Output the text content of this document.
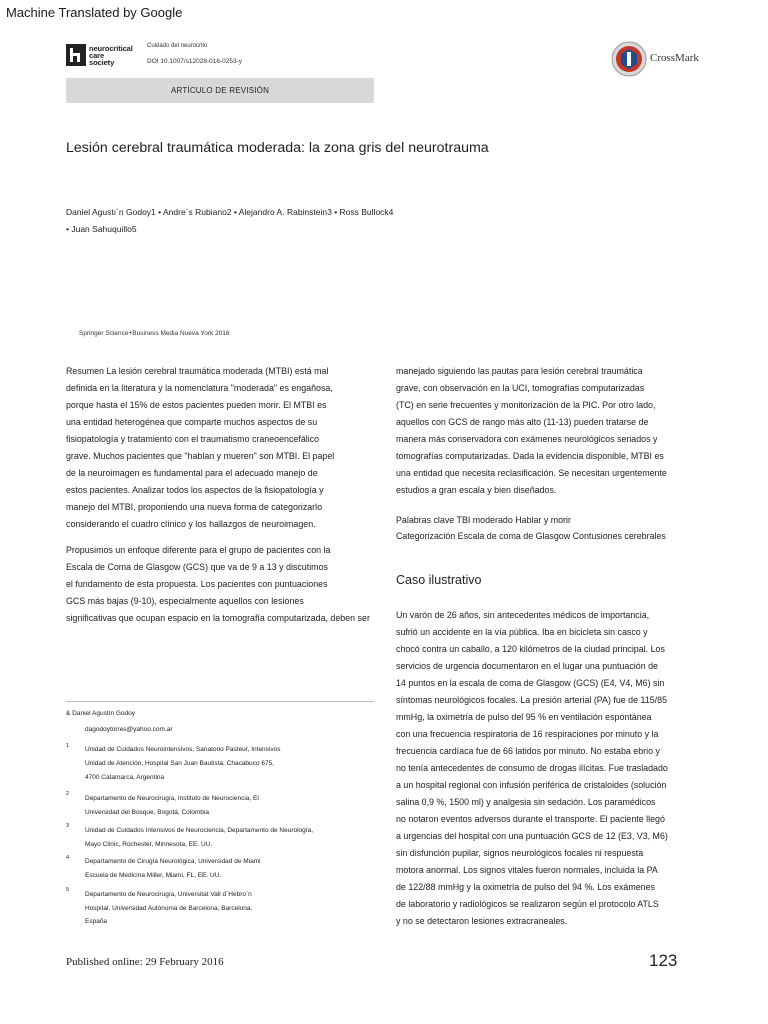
Machine Translated by Google
neurocritical
care
society
Cuidado del neurocrito
DOI 10.1007/s12028-016-0253-y	CrossMark
ARTÍCULO DE REVISIÓN
Lesión cerebral traumática moderada: la zona gris del neurotrauma
Daniel Agustı´n Godoy1 • Andre´s Rubiano2 • Alejandro A. Rabinstein3 • Ross Bullock4
• Juan Sahuquillo5
Springer Science+Business Media Nueva York 2016
Resumen La lesión cerebral traumática moderada (MTBI) está mal
definida en la literatura y la nomenclatura "moderada" es engañosa,
porque hasta el 15% de estos pacientes pueden morir. El MTBI es
una entidad heterogénea que comparte muchos aspectos de su
fisiopatología y tratamiento con el traumatismo craneoencefálico
grave. Muchos pacientes que "hablan y mueren" son MTBI. El papel
de la neuroimagen es fundamental para el adecuado manejo de
estos pacientes. Analizar todos los aspectos de la fisiopatología y
manejo del MTBI, proponiendo una nueva forma de categorizarlo
considerando el cuadro clínico y los hallazgos de neuroimagen.
Propusimos un enfoque diferente para el grupo de pacientes con la
Escala de Coma de Glasgow (GCS) que va de 9 a 13 y discutimos
el fundamento de esta propuesta. Los pacientes con puntuaciones
GCS más bajas (9-10), especialmente aquellos con lesiones
significativas que ocupan espacio en la tomografía computarizada, deben ser
manejado siguiendo las pautas para lesión cerebral traumática
grave, con observación en la UCI, tomografías computarizadas
(TC) en serie frecuentes y monitorización de la PIC. Por otro lado,
aquellos con GCS de rango más alto (11-13) pueden tratarse de
manera más conservadora con exámenes neurológicos seriados y
tomografías computarizadas. Dada la evidencia disponible, MTBI es
una entidad que necesita reclasificación. Se necesitan urgentemente
estudios a gran escala y bien diseñados.
Palabras clave TBI moderado Hablar y morir
Categorización Escala de coma de Glasgow Contusiones cerebrales
Caso ilustrativo
Un varón de 26 años, sin antecedentes médicos de importancia,
sufrió un accidente en la vía pública. Iba en bicicleta sin casco y
chocó contra un caballo, a 120 kilómetros de la ciudad principal. Los
servicios de urgencia documentaron en el lugar una puntuación de
14 puntos en la escala de coma de Glasgow (GCS) (E4, V4, M6) sin
síntomas neurológicos focales. La presión arterial (PA) fue de 115/85
mmHg, la oximetría de pulso del 95 % en ventilación espontánea
con una frecuencia respiratoria de 16 respiraciones por minuto y la
frecuencia cardíaca fue de 66 latidos por minuto. No estaba ebrio y
no tenía antecedentes de consumo de drogas ilícitas. Fue trasladado
a un hospital regional con infusión periférica de cristaloides (solución
salina 0,9 %, 1500 ml) y analgesia sin sedación. Los paramédicos
no notaron eventos adversos durante el transporte. El paciente llegó
a urgencias del hospital con una puntuación GCS de 12 (E3, V3, M6)
sin disfunción pupilar, signos neurológicos focales ni respuesta
motora anormal. Los signos vitales fueron normales, incluida la PA
de 122/88 mmHg y la oximetría de pulso del 94 %. Los exámenes
de laboratorio y radiológicos se realizaron según el protocolo ATLS
y no se detectaron lesiones extracraneales.
& Daniel Agustín Godoy
dagodoytorres@yahoo.com.ar
1 Unidad de Cuidados Neurointensivos, Sanatorio Pasteur, Intensivos
Unidad de Atención, Hospital San Juan Bautista, Chacabuco 675,
4700 Catamarca, Argentina
2
Departamento de Neurocirugía, Instituto de Neurociencia, El
Universidad del Bosque, Bogotá, Colombia
3
Unidad de Cuidados Intensivos de Neurociencia, Departamento de Neurología,
Mayo Clinic, Rochester, Minnesota, EE. UU.
4 Departamento de Cirugía Neurológica, Universidad de Miami
Escuela de Medicina Miller, Miami, FL, EE. UU.
5
Departamento de Neurocirugía, Universitat Vall d´Hebro´n
Hospital, Universidad Autónoma de Barcelona, Barcelona,
España
Published online: 29 February 2016	123
